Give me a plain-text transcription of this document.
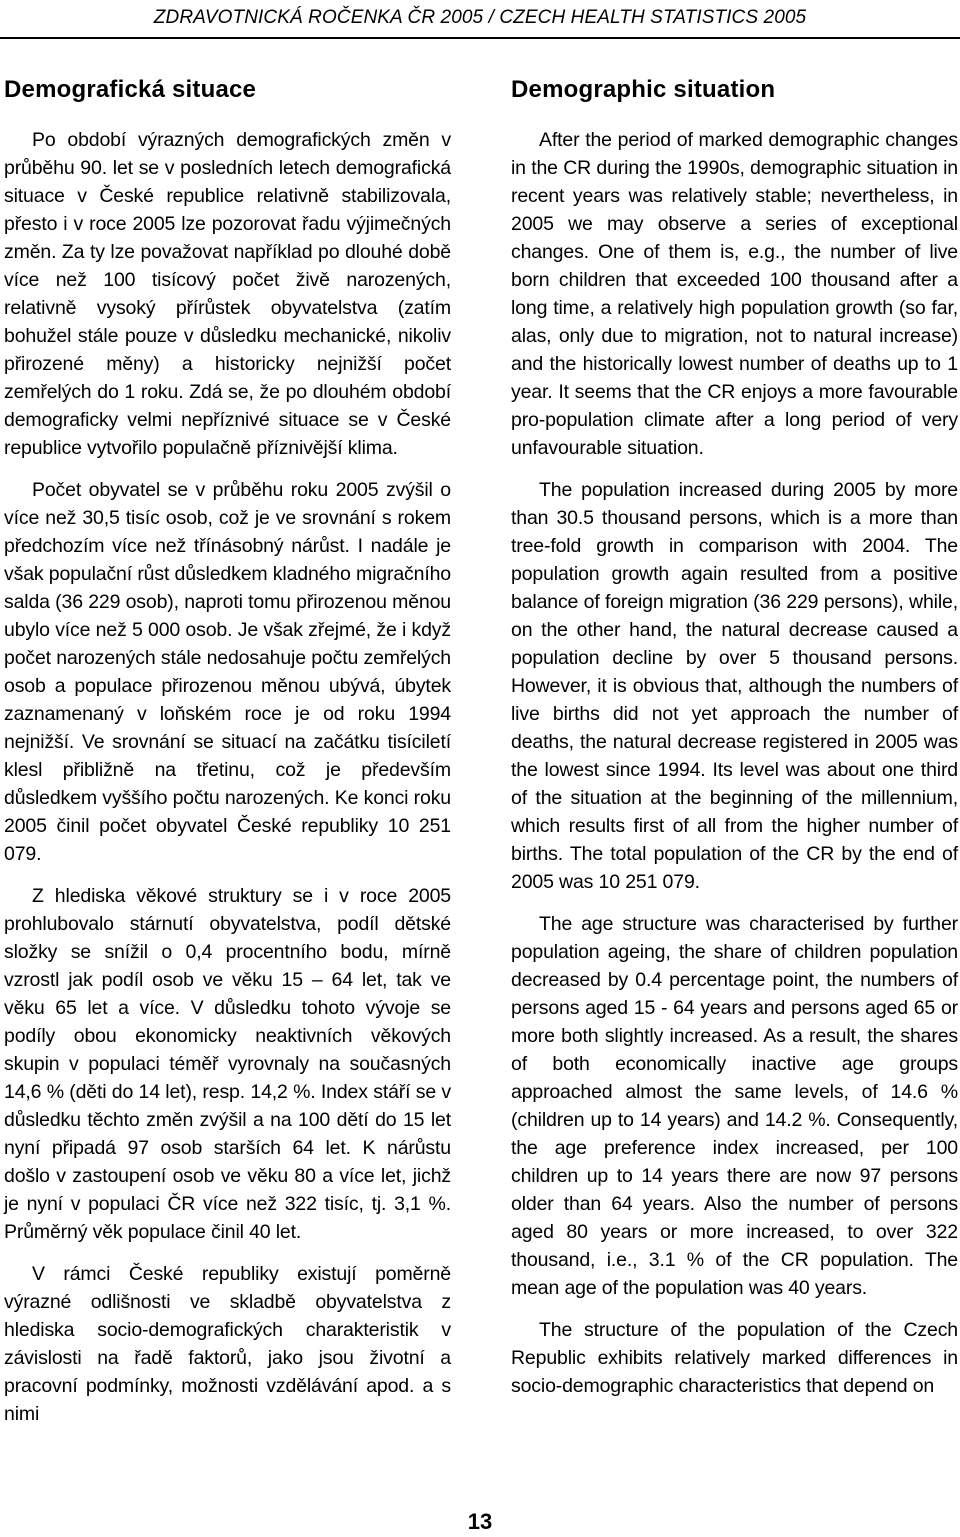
ZDRAVOTNICKÁ ROČENKA ČR 2005 / CZECH HEALTH STATISTICS 2005
Demografická situace

Po období výrazných demografických změn v průběhu 90. let se v posledních letech demografická situace v České republice relativně stabilizovala, přesto i v roce 2005 lze pozorovat řadu výjimečných změn. Za ty lze považovat například po dlouhé době více než 100 tisícový počet živě narozených, relativně vysoký přírůstek obyvatelstva (zatím bohužel stále pouze v důsledku mechanické, nikoliv přirozené měny) a historicky nejnižší počet zemřelých do 1 roku. Zdá se, že po dlouhém období demograficky velmi nepříznivé situace se v České republice vytvořilo populačně příznivější klima.

Počet obyvatel se v průběhu roku 2005 zvýšil o více než 30,5 tisíc osob, což je ve srovnání s rokem předchozím více než třínásobný nárůst. I nadále je však populační růst důsledkem kladného migračního salda (36 229 osob), naproti tomu přirozenou měnou ubylo více než 5 000 osob. Je však zřejmé, že i když počet narozených stále nedosahuje počtu zemřelých osob a populace přirozenou měnou ubývá, úbytek zaznamenaný v loňském roce je od roku 1994 nejnižší. Ve srovnání se situací na začátku tisíciletí klesl přibližně na třetinu, což je především důsledkem vyššího počtu narozených. Ke konci roku 2005 činil počet obyvatel České republiky 10 251 079.

Z hlediska věkové struktury se i v roce 2005 prohlubovalo stárnutí obyvatelstva, podíl dětské složky se snížil o 0,4 procentního bodu, mírně vzrostl jak podíl osob ve věku 15 – 64 let, tak ve věku 65 let a více. V důsledku tohoto vývoje se podíly obou ekonomicky neaktivních věkových skupin v populaci téměř vyrovnaly na současných 14,6 % (děti do 14 let), resp. 14,2 %. Index stáří se v důsledku těchto změn zvýšil a na 100 dětí do 15 let nyní připadá 97 osob starších 64 let. K nárůstu došlo v zastoupení osob ve věku 80 a více let, jichž je nyní v populaci ČR více než 322 tisíc, tj. 3,1 %. Průměrný věk populace činil 40 let.

V rámci České republiky existují poměrně výrazné odlišnosti ve skladbě obyvatelstva z hlediska socio-demografických charakteristik v závislosti na řadě faktorů, jako jsou životní a pracovní podmínky, možnosti vzdělávání apod. a s nimi

Demographic situation

After the period of marked demographic changes in the CR during the 1990s, demographic situation in recent years was relatively stable; nevertheless, in 2005 we may observe a series of exceptional changes. One of them is, e.g., the number of live born children that exceeded 100 thousand after a long time, a relatively high population growth (so far, alas, only due to migration, not to natural increase) and the historically lowest number of deaths up to 1 year. It seems that the CR enjoys a more favourable pro-population climate after a long period of very unfavourable situation.

The population increased during 2005 by more than 30.5 thousand persons, which is a more than tree-fold growth in comparison with 2004. The population growth again resulted from a positive balance of foreign migration (36 229 persons), while, on the other hand, the natural decrease caused a population decline by over 5 thousand persons. However, it is obvious that, although the numbers of live births did not yet approach the number of deaths, the natural decrease registered in 2005 was the lowest since 1994. Its level was about one third of the situation at the beginning of the millennium, which results first of all from the higher number of births. The total population of the CR by the end of 2005 was 10 251 079.

The age structure was characterised by further population ageing, the share of children population decreased by 0.4 percentage point, the numbers of persons aged 15 - 64 years and persons aged 65 or more both slightly increased. As a result, the shares of both economically inactive age groups approached almost the same levels, of 14.6 % (children up to 14 years) and 14.2 %. Consequently, the age preference index increased, per 100 children up to 14 years there are now 97 persons older than 64 years. Also the number of persons aged 80 years or more increased, to over 322 thousand, i.e., 3.1 % of the CR population. The mean age of the population was 40 years.

The structure of the population of the Czech Republic exhibits relatively marked differences in socio-demographic characteristics that depend on

13
